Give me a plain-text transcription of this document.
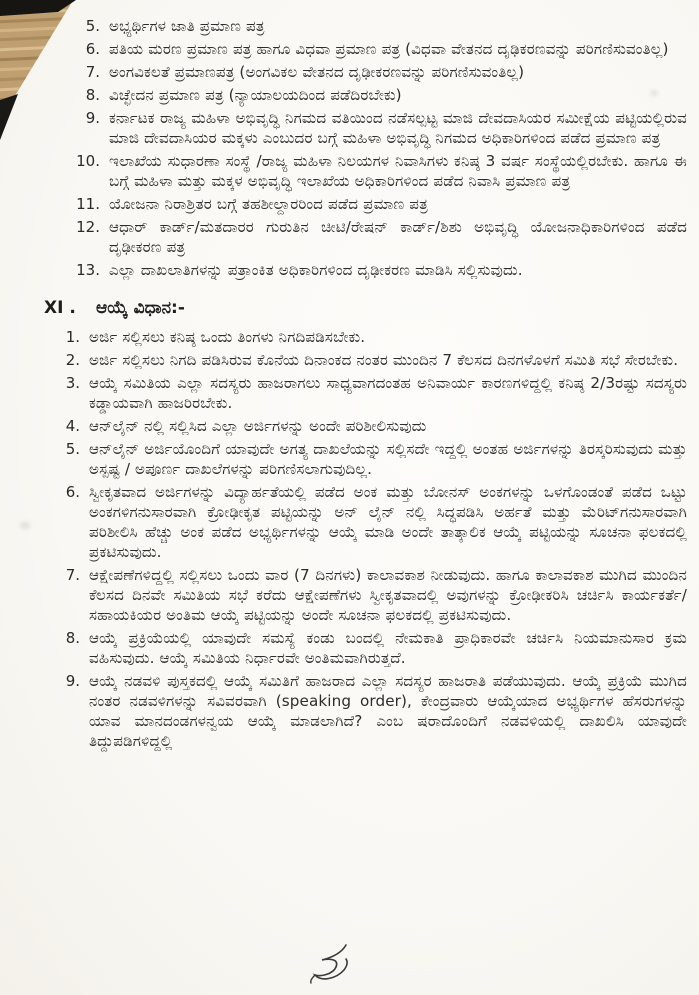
5. ಅಭ್ಯರ್ಥಿಗಳ ಜಾತಿ ಪ್ರಮಾಣ ಪತ್ರ
6. ಪತಿಯ ಮರಣ ಪ್ರಮಾಣ ಪತ್ರ ಹಾಗೂ ವಿಧವಾ ಪ್ರಮಾಣ ಪತ್ರ (ವಿಧವಾ ವೇತನದ ದೃಢಿಕರಣವನ್ನು ಪರಿಗಣಿಸುವಂತಿಲ್ಲ)
7. ಅಂಗವಿಕಲತೆ ಪ್ರಮಾಣಪತ್ರ (ಅಂಗವಿಕಲ ವೇತನದ ದೃಢೀಕರಣವನ್ನು ಪರಿಗಣಿಸುವಂತಿಲ್ಲ)
8. ವಿಚ್ಛೇದನ ಪ್ರಮಾಣ ಪತ್ರ (ನ್ಯಾಯಾಲಯದಿಂದ ಪಡೆದಿರಬೇಕು)
9. ಕರ್ನಾಟಕ ರಾಜ್ಯ ಮಹಿಳಾ ಅಭಿವೃದ್ಧಿ ನಿಗಮದ ವತಿಯಿಂದ ನಡೆಸಲ್ಪಟ್ಟ ಮಾಜಿ ದೇವದಾಸಿಯರ ಸಮೀಕ್ಷೆಯ ಪಟ್ಟಿಯಲ್ಲಿರುವ ಮಾಜಿ ದೇವದಾಸಿಯರ ಮಕ್ಕಳು ಎಂಬುದರ ಬಗ್ಗೆ ಮಹಿಳಾ ಅಭಿವೃದ್ಧಿ ನಿಗಮದ ಅಧಿಕಾರಿಗಳಿಂದ ಪಡೆದ ಪ್ರಮಾಣ ಪತ್ರ
10. ಇಲಾಖೆಯ ಸುಧಾರಣಾ ಸಂಸ್ಥೆ /ರಾಜ್ಯ ಮಹಿಳಾ ನಿಲಯಗಳ ನಿವಾಸಿಗಳು ಕನಿಷ್ಠ 3 ವರ್ಷ ಸಂಸ್ಥೆಯಲ್ಲಿರಬೇಕು. ಹಾಗೂ ಈ ಬಗ್ಗೆ ಮಹಿಳಾ ಮತ್ತು ಮಕ್ಕಳ ಅಭಿವೃದ್ಧಿ ಇಲಾಖೆಯ ಅಧಿಕಾರಿಗಳಿಂದ ಪಡೆದ ನಿವಾಸಿ ಪ್ರಮಾಣ ಪತ್ರ
11. ಯೋಜನಾ ನಿರಾಶ್ರಿತರ ಬಗ್ಗೆ ತಹಶೀಲ್ದಾರರಿಂದ ಪಡೆದ ಪ್ರಮಾಣ ಪತ್ರ
12. ಆಧಾರ್ ಕಾರ್ಡ್/ಮತದಾರರ ಗುರುತಿನ ಚೀಟಿ/ರೇಷನ್ ಕಾರ್ಡ್/ಶಿಶು ಅಭಿವೃದ್ಧಿ ಯೋಜನಾಧಿಕಾರಿಗಳಿಂದ ಪಡೆದ ದೃಢೀಕರಣ ಪತ್ರ
13. ಎಲ್ಲಾ ದಾಖಲಾತಿಗಳನ್ನು ಪತ್ರಾಂಕಿತ ಅಧಿಕಾರಿಗಳಿಂದ ದೃಢೀಕರಣ ಮಾಡಿಸಿ ಸಲ್ಲಿಸುವುದು.
XI . ಆಯ್ಕೆ ವಿಧಾನ:-
1. ಅರ್ಜಿ ಸಲ್ಲಿಸಲು ಕನಿಷ್ಠ ಒಂದು ತಿಂಗಳು ನಿಗದಿಪಡಿಸಬೇಕು.
2. ಅರ್ಜಿ ಸಲ್ಲಿಸಲು ನಿಗದಿ ಪಡಿಸಿರುವ ಕೊನೆಯ ದಿನಾಂಕದ ನಂತರ ಮುಂದಿನ 7 ಕೆಲಸದ ದಿನಗಳೊಳಗೆ ಸಮಿತಿ ಸಭೆ ಸೇರಬೇಕು.
3. ಆಯ್ಕೆ ಸಮಿತಿಯ ಎಲ್ಲಾ ಸದಸ್ಯರು ಹಾಜರಾಗಲು ಸಾಧ್ಯವಾಗದಂತಹ ಅನಿವಾರ್ಯ ಕಾರಣಗಳಿದ್ದಲ್ಲಿ ಕನಿಷ್ಠ 2/3ರಷ್ಟು ಸದಸ್ಯರು ಕಡ್ಡಾಯವಾಗಿ ಹಾಜರಿರಬೇಕು.
4. ಆನ್‌ಲೈನ್ ನಲ್ಲಿ ಸಲ್ಲಿಸಿದ ಎಲ್ಲಾ ಅರ್ಜಿಗಳನ್ನು ಅಂದೇ ಪರಿಶೀಲಿಸುವುದು
5. ಆನ್‌ಲೈನ್ ಅರ್ಜಿಯೊಂದಿಗೆ ಯಾವುದೇ ಅಗತ್ಯ ದಾಖಲೆಯನ್ನು ಸಲ್ಲಿಸದೇ ಇದ್ದಲ್ಲಿ ಅಂತಹ ಅರ್ಜಿಗಳನ್ನು ತಿರಸ್ಕರಿಸುವುದು ಮತ್ತು ಅಸ್ಪಷ್ಟ / ಅಪೂರ್ಣ ದಾಖಲೆಗಳನ್ನು ಪರಿಗಣಿಸಲಾಗುವುದಿಲ್ಲ.
6. ಸ್ವೀಕೃತವಾದ ಅರ್ಜಿಗಳನ್ನು ವಿದ್ಯಾರ್ಹತೆಯಲ್ಲಿ ಪಡೆದ ಅಂಕ ಮತ್ತು ಬೋನಸ್ ಅಂಕಗಳನ್ನು ಒಳಗೊಂಡಂತೆ ಪಡೆದ ಒಟ್ಟು ಅಂಕಗಳಿಗನುಸಾರವಾಗಿ ಕ್ರೋಢೀಕೃತ ಪಟ್ಟಿಯನ್ನು ಅನ್ ಲೈನ್ ನಲ್ಲಿ ಸಿದ್ಧಪಡಿಸಿ ಅರ್ಹತೆ ಮತ್ತು ಮೆರಿಟ್‌ಗನುಸಾರವಾಗಿ ಪರಿಶೀಲಿಸಿ ಹೆಚ್ಚು ಅಂಕ ಪಡೆದ ಅಭ್ಯರ್ಥಿಗಳನ್ನು ಆಯ್ಕೆ ಮಾಡಿ ಅಂದೇ ತಾತ್ಕಾಲಿಕ ಆಯ್ಕೆ ಪಟ್ಟಿಯನ್ನು ಸೂಚನಾ ಫಲಕದಲ್ಲಿ ಪ್ರಕಟಿಸುವುದು.
7. ಆಕ್ಷೇಪಣೆಗಳಿದ್ದಲ್ಲಿ ಸಲ್ಲಿಸಲು ಒಂದು ವಾರ (7 ದಿನಗಳು) ಕಾಲಾವಕಾಶ ನೀಡುವುದು. ಹಾಗೂ ಕಾಲಾವಕಾಶ ಮುಗಿದ ಮುಂದಿನ ಕೆಲಸದ ದಿನವೇ ಸಮಿತಿಯ ಸಭೆ ಕರೆದು ಆಕ್ಷೇಪಣೆಗಳು ಸ್ವೀಕೃತವಾದಲ್ಲಿ ಅವುಗಳನ್ನು ಕ್ರೋಢೀಕರಿಸಿ ಚರ್ಚಿಸಿ ಕಾರ್ಯಕರ್ತೆ/ಸಹಾಯಕಿಯರ ಅಂತಿಮ ಆಯ್ಕೆ ಪಟ್ಟಿಯನ್ನು ಅಂದೇ ಸೂಚನಾ ಫಲಕದಲ್ಲಿ ಪ್ರಕಟಿಸುವುದು.
8. ಆಯ್ಕೆ ಪ್ರಕ್ರಿಯೆಯಲ್ಲಿ ಯಾವುದೇ ಸಮಸ್ಯೆ ಕಂಡು ಬಂದಲ್ಲಿ ನೇಮಕಾತಿ ಪ್ರಾಧಿಕಾರವೇ ಚರ್ಚಿಸಿ ನಿಯಮಾನುಸಾರ ಕ್ರಮ ವಹಿಸುವುದು. ಆಯ್ಕೆ ಸಮಿತಿಯ ನಿರ್ಧಾರವೇ ಅಂತಿಮವಾಗಿರುತ್ತದೆ.
9. ಆಯ್ಕೆ ನಡವಳಿ ಪುಸ್ತಕದಲ್ಲಿ ಆಯ್ಕೆ ಸಮಿತಿಗೆ ಹಾಜರಾದ ಎಲ್ಲಾ ಸದಸ್ಯರ ಹಾಜರಾತಿ ಪಡೆಯುವುದು. ಆಯ್ಕೆ ಪ್ರಕ್ರಿಯೆ ಮುಗಿದ ನಂತರ ನಡವಳಿಗಳನ್ನು ಸವಿವರವಾಗಿ (speaking order), ಕೇಂದ್ರವಾರು ಆಯ್ಕೆಯಾದ ಅಭ್ಯರ್ಥಿಗಳ ಹೆಸರುಗಳನ್ನು ಯಾವ ಮಾನದಂಡಗಳನ್ವಯ ಆಯ್ಕೆ ಮಾಡಲಾಗಿದೆ? ಎಂಬ ಷರಾದೊಂದಿಗೆ ನಡವಳಿಯಲ್ಲಿ ದಾಖಲಿಸಿ ಯಾವುದೇ ತಿದ್ದುಪಡಿಗಳಿದ್ದಲ್ಲಿ
